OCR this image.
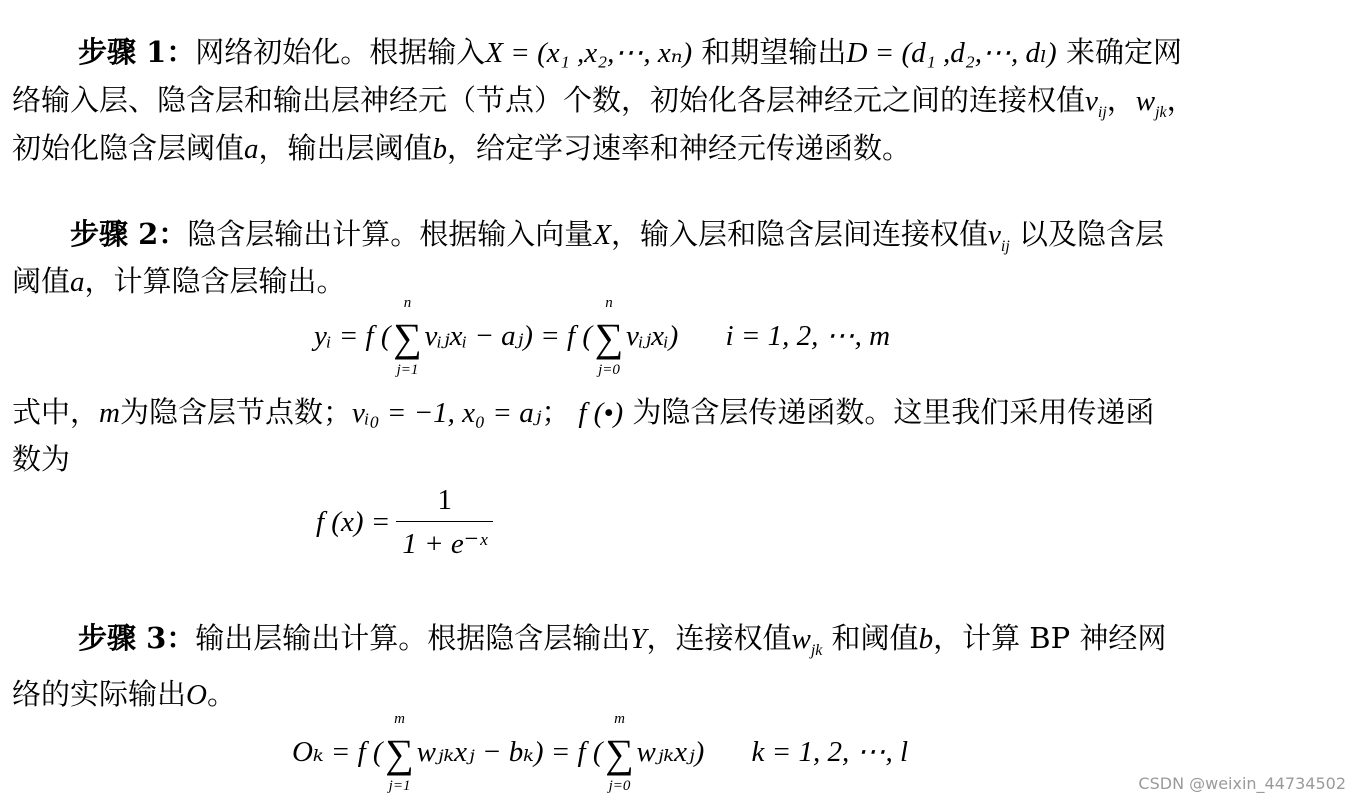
步骤 1：网络初始化。根据输入X = (x₁ ,x₂,⋯, xₙ) 和期望输出D = (d₁ ,d₂,⋯, dₗ) 来确定网
络输入层、隐含层和输出层神经元（节点）个数，初始化各层神经元之间的连接权值$v_{ij}$，$w_{jk}$，
初始化隐含层阈值a，输出层阈值b，给定学习速率和神经元传递函数。
步骤 2：隐含层输出计算。根据输入向量X，输入层和隐含层间连接权值$v_{ij}$ 以及隐含层
阈值a，计算隐含层输出。
yᵢ = f (
n
∑
j=1
vᵢⱼxᵢ − aⱼ) = f (
n
∑
j=0
vᵢⱼxᵢ) i = 1, 2, ⋯, m
式中，m为隐含层节点数；vᵢ₀ = −1, x₀ = aⱼ； f (•) 为隐含层传递函数。这里我们采用传递函
数为
f $(x) = \frac{1}{\text{1 + e⁻ˣ}}$
步骤 3：输出层输出计算。根据隐含层输出Y，连接权值$w_{jk}$ 和阈值b，计算 BP 神经网
络的实际输出O。
Oₖ = f (
m
∑
j=1
wⱼₖxⱼ − bₖ) = f (
m
∑
j=0
wⱼₖxⱼ) k = 1, 2, ⋯, l
CSDN @weixin_44734502
